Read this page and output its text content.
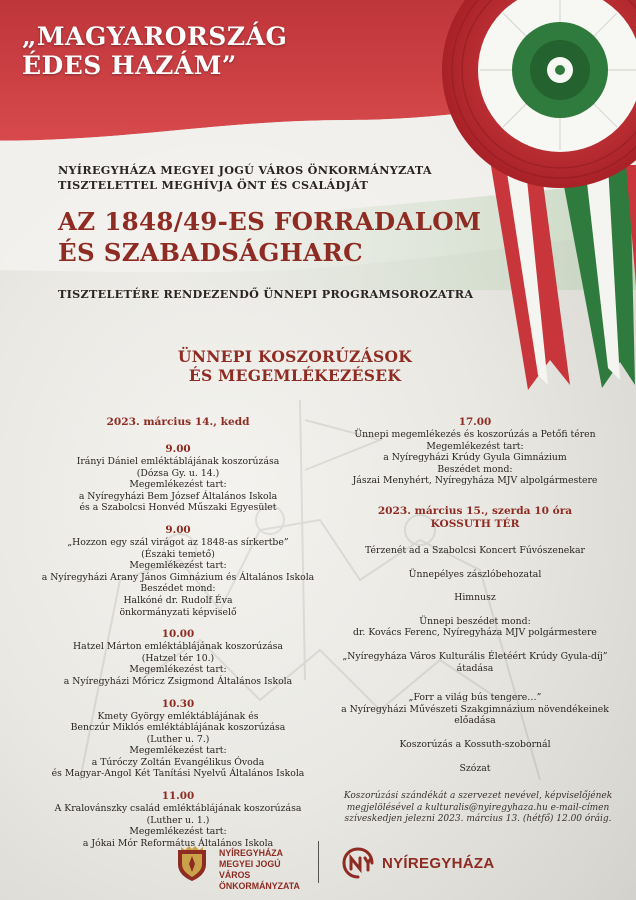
„MAGYARORSZÁG
ÉDES HAZÁM”
NYÍREGYHÁZA MEGYEI JOGÚ VÁROS ÖNKORMÁNYZATA
TISZTELETTEL MEGHÍVJA ÖNT ÉS CSALÁDJÁT
AZ 1848/49-ES FORRADALOM
ÉS SZABADSÁGHARC
TISZTELETÉRE RENDEZENDŐ ÜNNEPI PROGRAMSOROZATRA
ÜNNEPI KOSZORÚZÁSOK
ÉS MEGEMLÉKEZÉSEK
2023. március 14., kedd
9.00
Irányi Dániel emléktáblájának koszorúzása
(Dózsa Gy. u. 14.)
Megemlékezést tart:
a Nyíregyházi Bem József Általános Iskola
és a Szabolcsi Honvéd Műszaki Egyesület
9.00
„Hozzon egy szál virágot az 1848-as sírkertbe”
(Északi temető)
Megemlékezést tart:
a Nyíregyházi Arany János Gimnázium és Általános Iskola
Beszédet mond:
Halkóné dr. Rudolf Éva
önkormányzati képviselő
10.00
Hatzel Márton emléktáblájának koszorúzása
(Hatzel tér 10.)
Megemlékezést tart:
a Nyíregyházi Móricz Zsigmond Általános Iskola
10.30
Kmety György emléktáblájának és
Benczúr Miklós emléktáblájának koszorúzása
(Luther u. 7.)
Megemlékezést tart:
a Túróczy Zoltán Evangélikus Óvoda
és Magyar-Angol Két Tanítási Nyelvű Általános Iskola
11.00
A Kralovánszky család emléktáblájának koszorúzása
(Luther u. 1.)
Megemlékezést tart:
a Jókai Mór Református Általános Iskola
17.00
Ünnepi megemlékezés és koszorúzás a Petőfi téren
Megemlékezést tart:
a Nyíregyházi Krúdy Gyula Gimnázium
Beszédet mond:
Jászai Menyhért, Nyíregyháza MJV alpolgármestere
2023. március 15., szerda 10 óra
KOSSUTH TÉR
Térzenét ad a Szabolcsi Koncert Fúvószenekar
Ünnepélyes zászlóbehozatal
Himnusz
Ünnepi beszédet mond:
dr. Kovács Ferenc, Nyíregyháza MJV polgármestere
„Nyíregyháza Város Kulturális Életéért Krúdy Gyula-díj”
átadása
„Forr a világ bús tengere…”
a Nyíregyházi Művészeti Szakgimnázium növendékeinek
előadása
Koszorúzás a Kossuth-szobornál
Szózat
Koszorúzási szándékát a szervezet nevével, képviselőjének
megjelölésével a kulturalis@nyiregyhaza.hu e-mail-címen
szíveskedjen jelezni 2023. március 13. (hétfő) 12.00 óráig.
NYÍREGYHÁZA
MEGYEI JOGÚ VÁROS
ÖNKORMÁNYZATA
NYÍREGYHÁZA
